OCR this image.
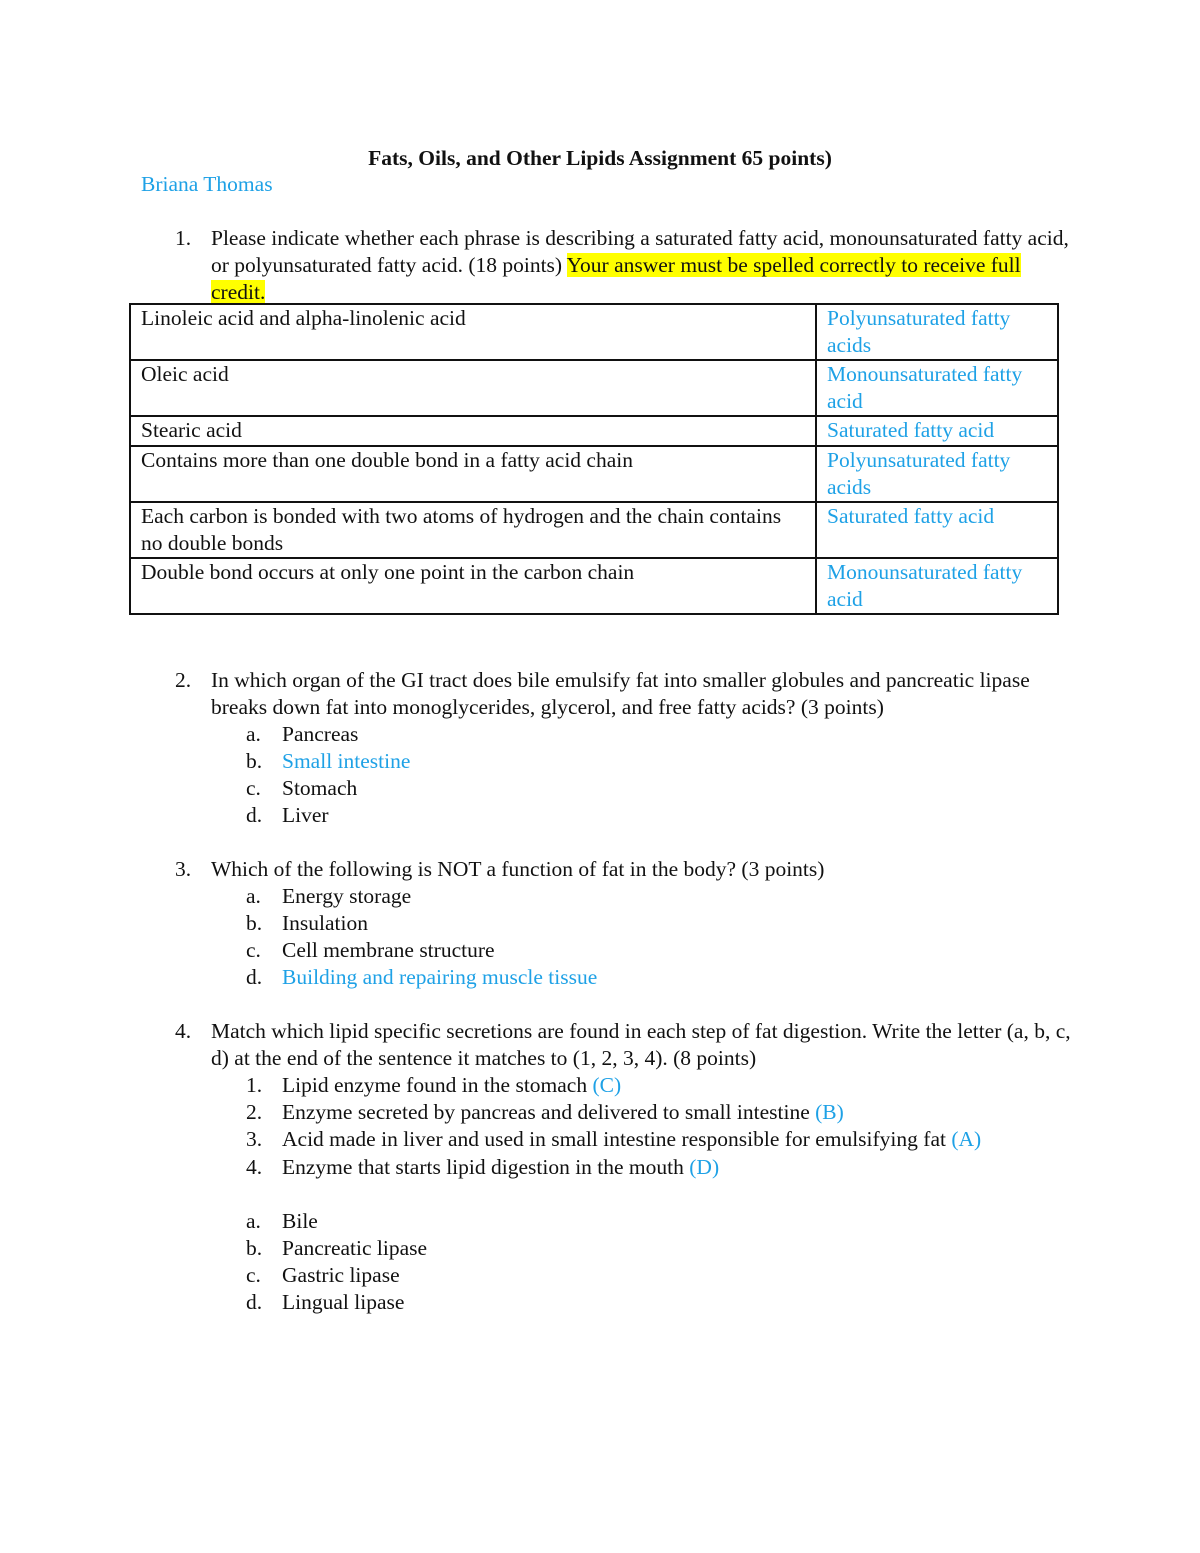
Fats, Oils, and Other Lipids Assignment 65 points)
Briana Thomas
1. Please indicate whether each phrase is describing a saturated fatty acid, monounsaturated fatty acid, or polyunsaturated fatty acid. (18 points) Your answer must be spelled correctly to receive full credit.
Linoleic acid and alpha-linolenic acid	Polyunsaturated fatty acids
Oleic acid	Monounsaturated fatty acid
Stearic acid	Saturated fatty acid
Contains more than one double bond in a fatty acid chain	Polyunsaturated fatty acids
Each carbon is bonded with two atoms of hydrogen and the chain contains no double bonds	Saturated fatty acid
Double bond occurs at only one point in the carbon chain	Monounsaturated fatty acid
2. In which organ of the GI tract does bile emulsify fat into smaller globules and pancreatic lipase breaks down fat into monoglycerides, glycerol, and free fatty acids? (3 points)
a. Pancreas
b. Small intestine
c. Stomach
d. Liver
3. Which of the following is NOT a function of fat in the body? (3 points)
a. Energy storage
b. Insulation
c. Cell membrane structure
d. Building and repairing muscle tissue
4. Match which lipid specific secretions are found in each step of fat digestion. Write the letter (a, b, c, d) at the end of the sentence it matches to (1, 2, 3, 4). (8 points)
1. Lipid enzyme found in the stomach (C)
2. Enzyme secreted by pancreas and delivered to small intestine (B)
3. Acid made in liver and used in small intestine responsible for emulsifying fat (A)
4. Enzyme that starts lipid digestion in the mouth (D)
a. Bile
b. Pancreatic lipase
c. Gastric lipase
d. Lingual lipase
